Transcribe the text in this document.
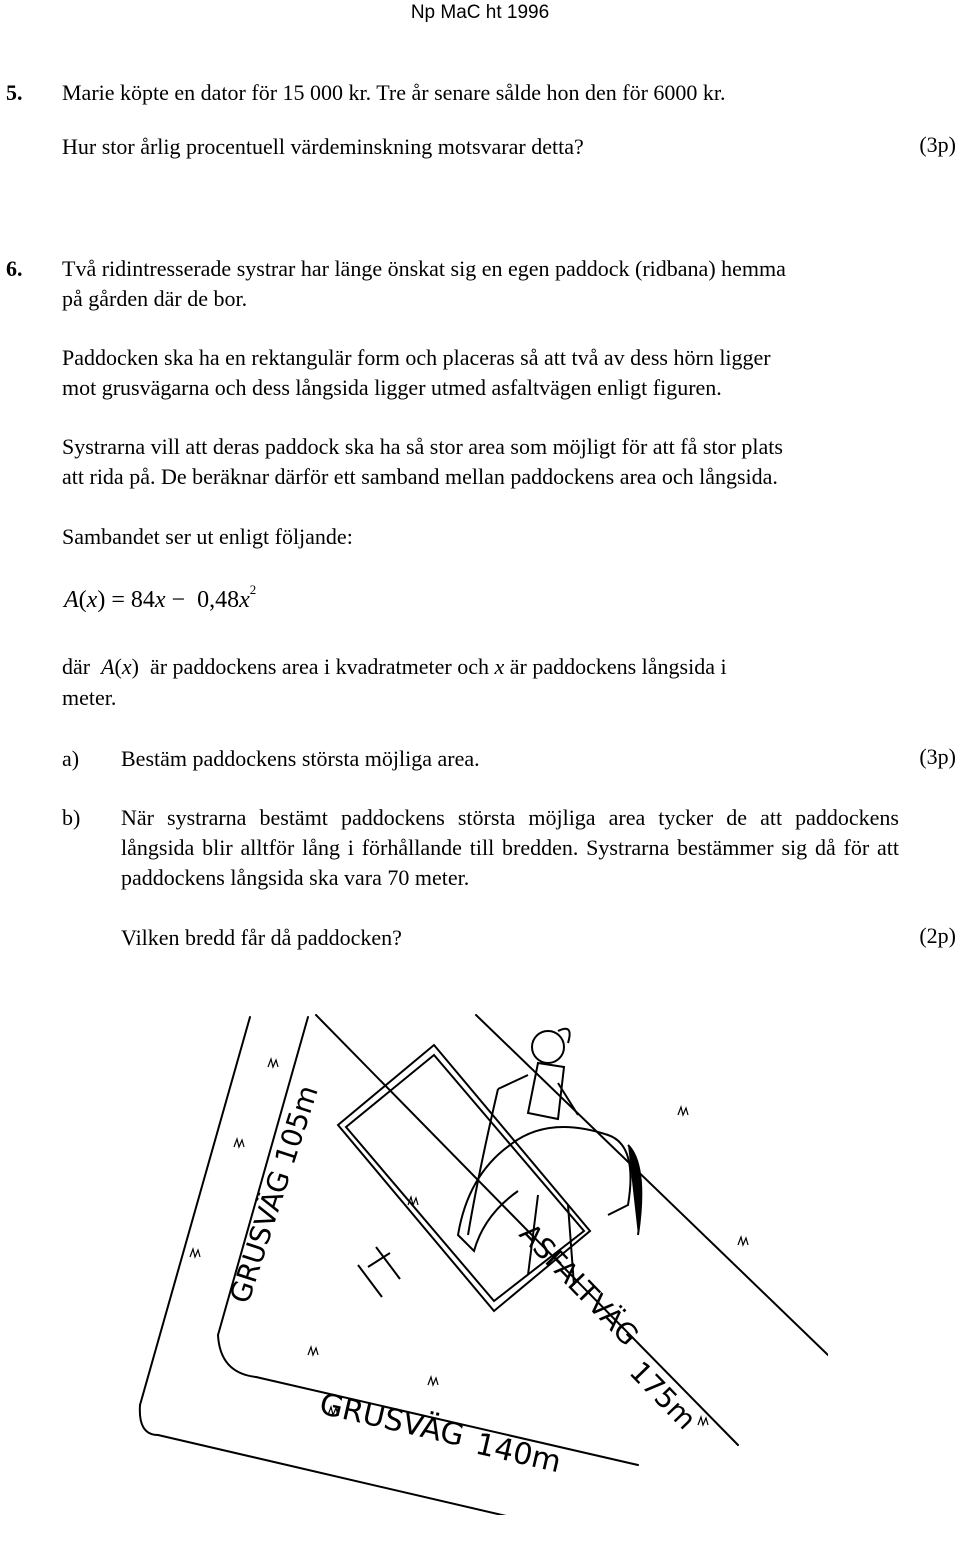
Np MaC ht 1996
5. Marie köpte en dator för 15 000 kr. Tre år senare sålde hon den för 6000 kr.
Hur stor årlig procentuell värdeminskning motsvarar detta?	(3p)
6. Två ridintresserade systrar har länge önskat sig en egen paddock (ridbana) hemma
på gården där de bor.
Paddocken ska ha en rektangulär form och placeras så att två av dess hörn ligger
mot grusvägarna och dess långsida ligger utmed asfaltvägen enligt figuren.
Systrarna vill att deras paddock ska ha så stor area som möjligt för att få stor plats
att rida på. De beräknar därför ett samband mellan paddockens area och långsida.
Sambandet ser ut enligt följande:
$A(x) = 84x - 0,48x^2$
där A(x)  är paddockens area i kvadratmeter och x är paddockens långsida i
meter.
a) Bestäm paddockens största möjliga area.	(3p)
b) När systrarna bestämt paddockens största möjliga area tycker de att paddockens långsida blir alltför lång i förhållande till bredden. Systrarna bestämmer sig då för att paddockens långsida ska vara 70 meter.
Vilken bredd får då paddocken?	(2p)
GRUSVÄG 105m
GRUSVÄG 140m
ASFALTVÄG
175m
